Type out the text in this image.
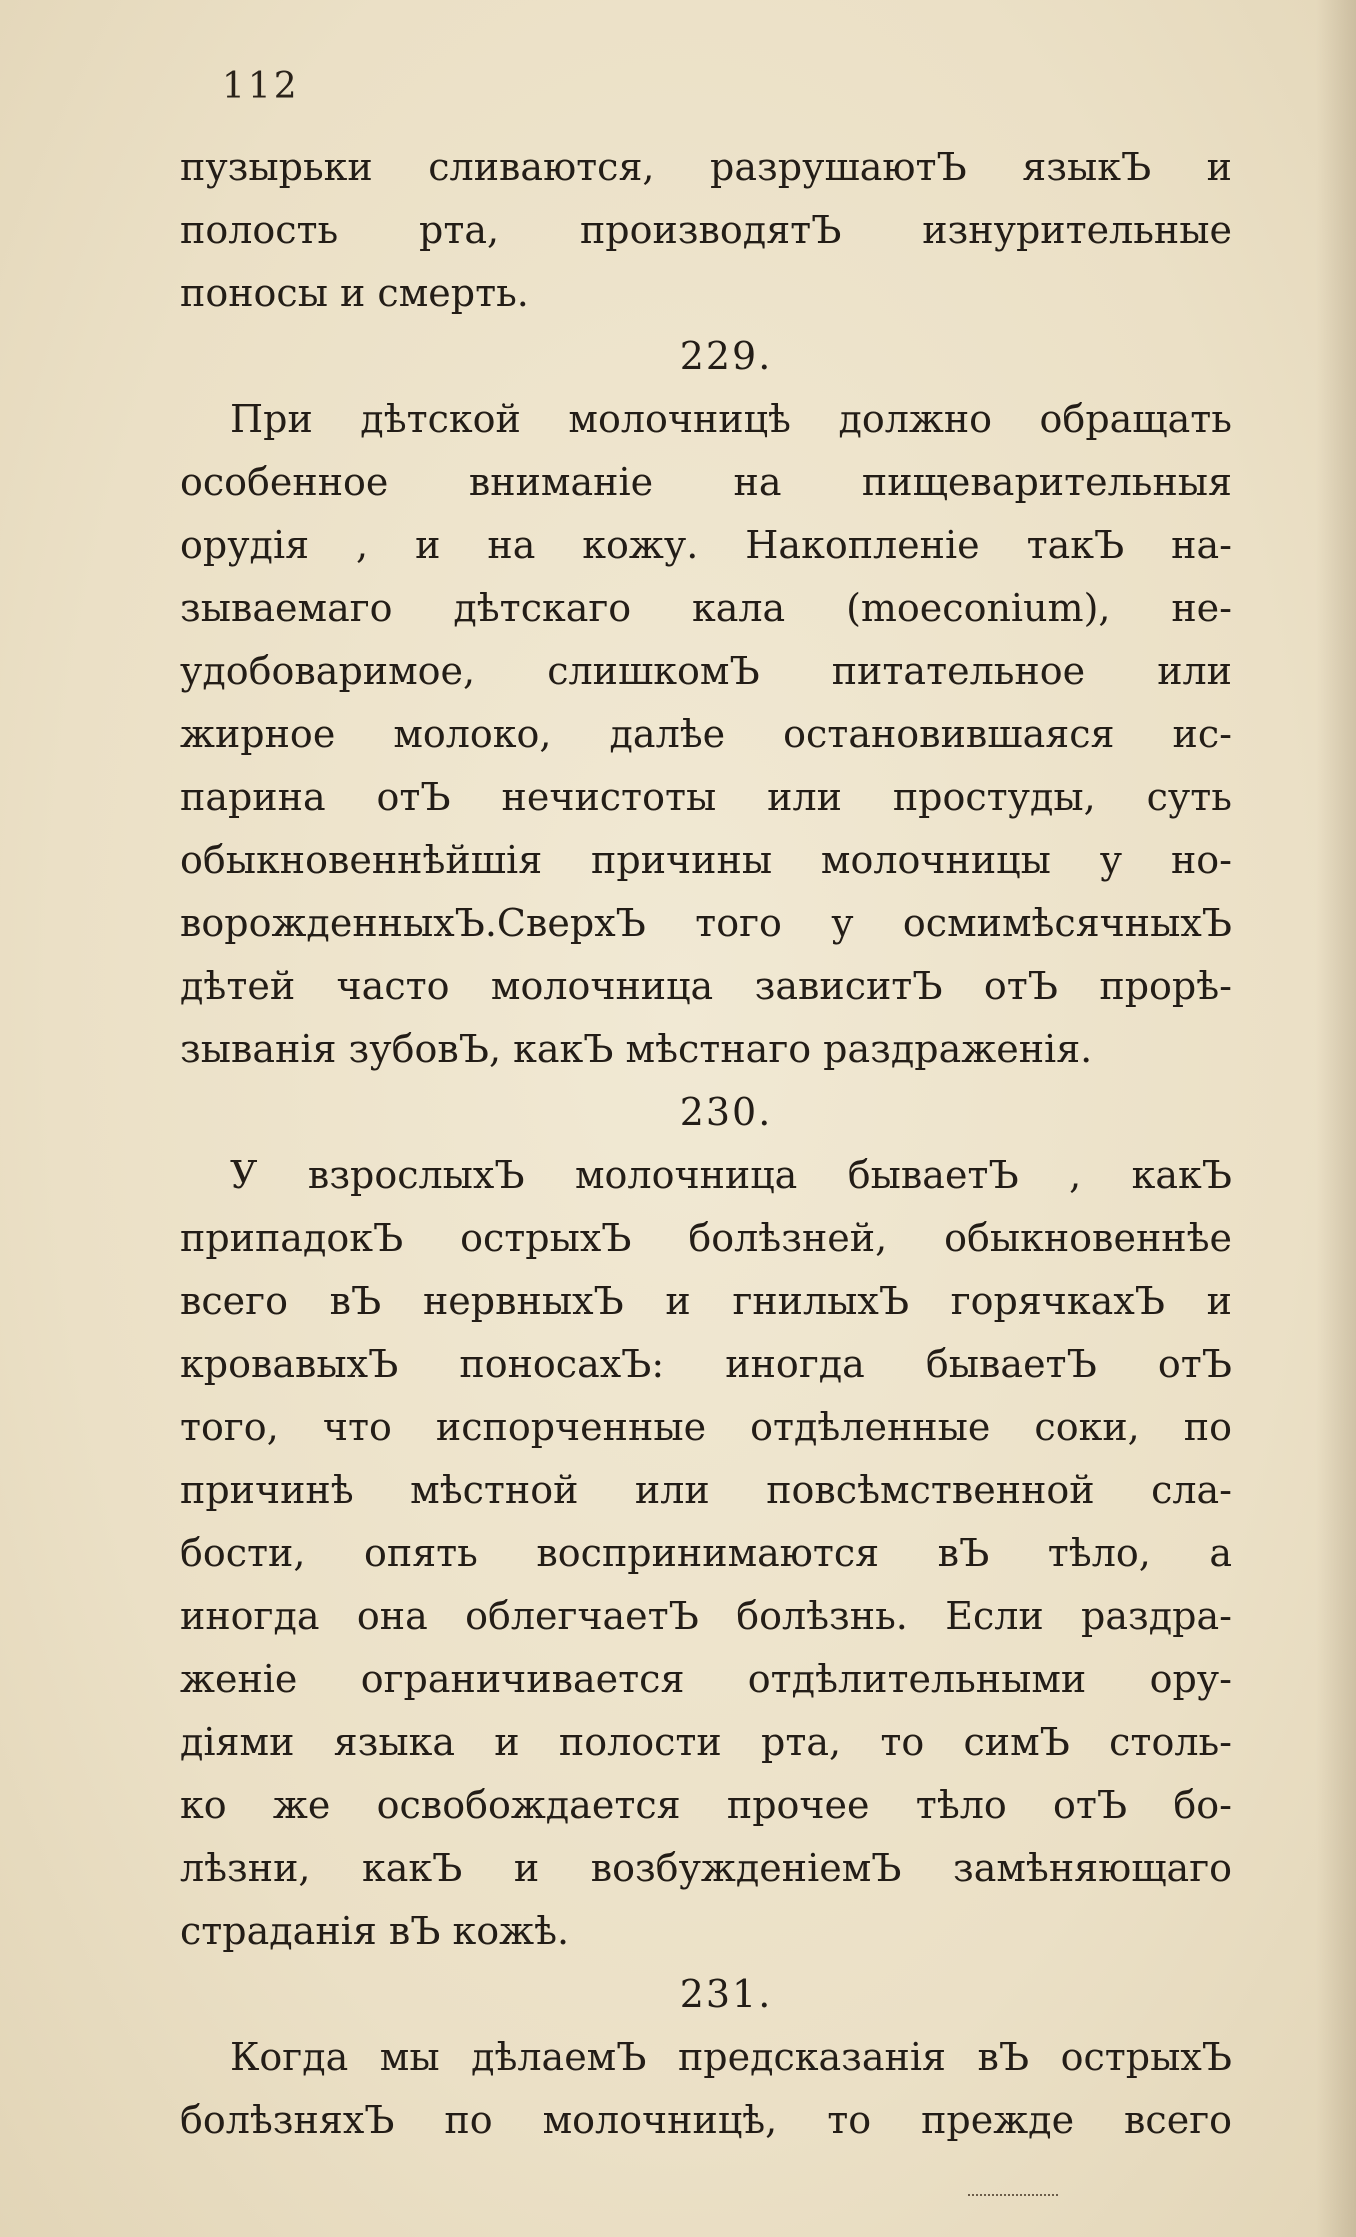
112
пузырьки сливаются, разрушаютЪ языкЪ и
полость рта, производятЪ изнурительные
поносы и смерть.
229.
При дѣтской молочницѣ должно обращать
особенное вниманіе на пищеварительныя
орудія , и на кожу. Накопленіе такЪ на-
зываемаго дѣтскаго кала (moeconium), не-
удобоваримое, слишкомЪ питательное или
жирное молоко, далѣе остановившаяся ис-
парина отЪ нечистоты или простуды, суть
обыкновеннѣйшія причины молочницы у но-
ворожденныхЪ.СверхЪ того у осмимѣсячныхЪ
дѣтей часто молочница зависитЪ отЪ прорѣ-
зыванія зубовЪ, какЪ мѣстнаго раздраженія.
230.
У взрослыхЪ молочница бываетЪ , какЪ
припадокЪ острыхЪ болѣзней, обыкновеннѣе
всего вЪ нервныхЪ и гнилыхЪ горячкахЪ и
кровавыхЪ поносахЪ: иногда бываетЪ отЪ
того, что испорченные отдѣленные соки, по
причинѣ мѣстной или повсѣмственной сла-
бости, опять воспринимаются вЪ тѣло, а
иногда она облегчаетЪ болѣзнь. Если раздра-
женіе ограничивается отдѣлительными ору-
діями языка и полости рта, то симЪ столь-
ко же освобождается прочее тѣло отЪ бо-
лѣзни, какЪ и возбужденіемЪ замѣняющаго
страданія вЪ кожѣ.
231.
Когда мы дѣлаемЪ предсказанія вЪ острыхЪ
болѣзняхЪ по молочницѣ, то прежде всего
